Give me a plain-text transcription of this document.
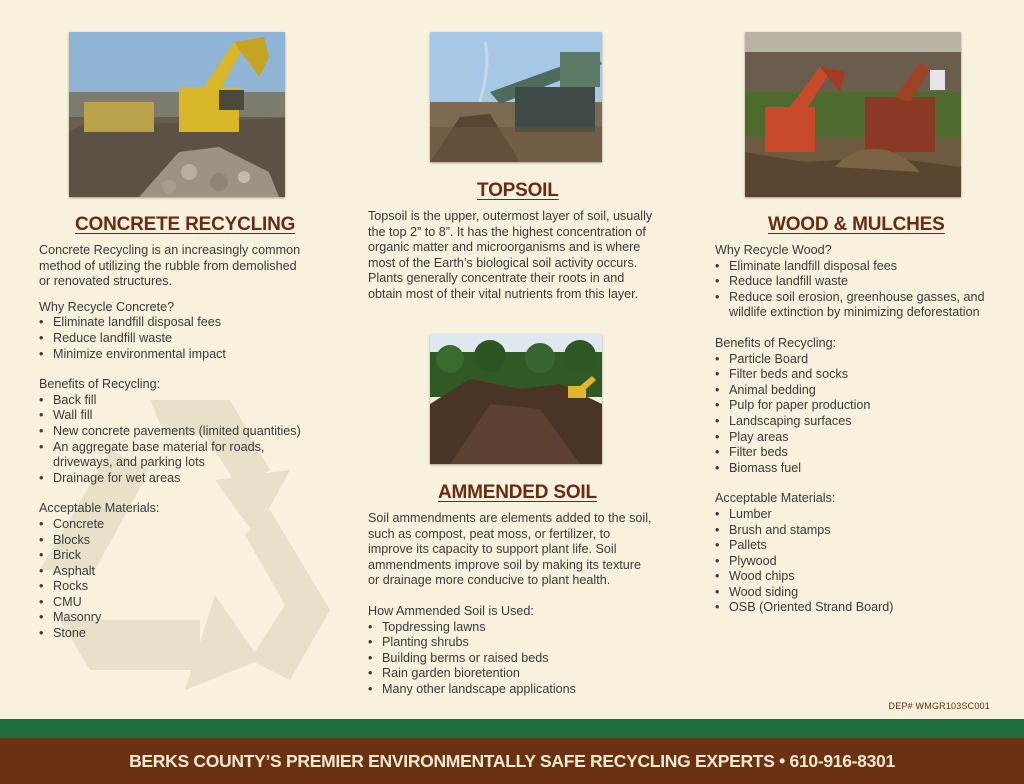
CONCRETE RECYCLING
TOPSOIL
WOOD & MULCHES
AMMENDED SOIL

Concrete Recycling is an increasingly common method of utilizing the rubble from demolished or renovated structures.

Why Recycle Concrete?

• Eliminate landfill disposal fees
• Reduce landfill waste
• Minimize environmental impact

Benefits of Recycling:

• Back fill
• Wall fill
• New concrete pavements (limited quantities)
• An aggregate base material for roads, driveways, and parking lots
• Drainage for wet areas

Acceptable Materials:

• Concrete
• Blocks
• Brick
• Asphalt
• Rocks
• CMU
• Masonry
• Stone

Topsoil is the upper, outermost layer of soil, usually the top 2” to 8”. It has the highest concentration of organic matter and microorganisms and is where most of the Earth’s biological soil activity occurs. Plants generally concentrate their roots in and obtain most of their vital nutrients from this layer.

Soil ammendments are elements added to the soil, such as compost, peat moss, or fertilizer, to improve its capacity to support plant life. Soil ammendments improve soil by making its texture or drainage more conducive to plant health.

How Ammended Soil is Used:

• Topdressing lawns
• Planting shrubs
• Building berms or raised beds
• Rain garden bioretention
• Many other landscape applications

Why Recycle Wood?

• Eliminate landfill disposal fees
• Reduce landfill waste
• Reduce soil erosion, greenhouse gasses, and wildlife extinction by minimizing deforestation

Benefits of Recycling:

• Particle Board
• Filter beds and socks
• Animal bedding
• Pulp for paper production
• Landscaping surfaces
• Play areas
• Filter beds
• Biomass fuel

Acceptable Materials:

• Lumber
• Brush and stamps
• Pallets
• Plywood
• Wood chips
• Wood siding
• OSB (Oriented Strand Board)
DEP# WMGR103SC001
BERKS COUNTY’S PREMIER ENVIRONMENTALLY SAFE RECYCLING EXPERTS • 610-916-8301
